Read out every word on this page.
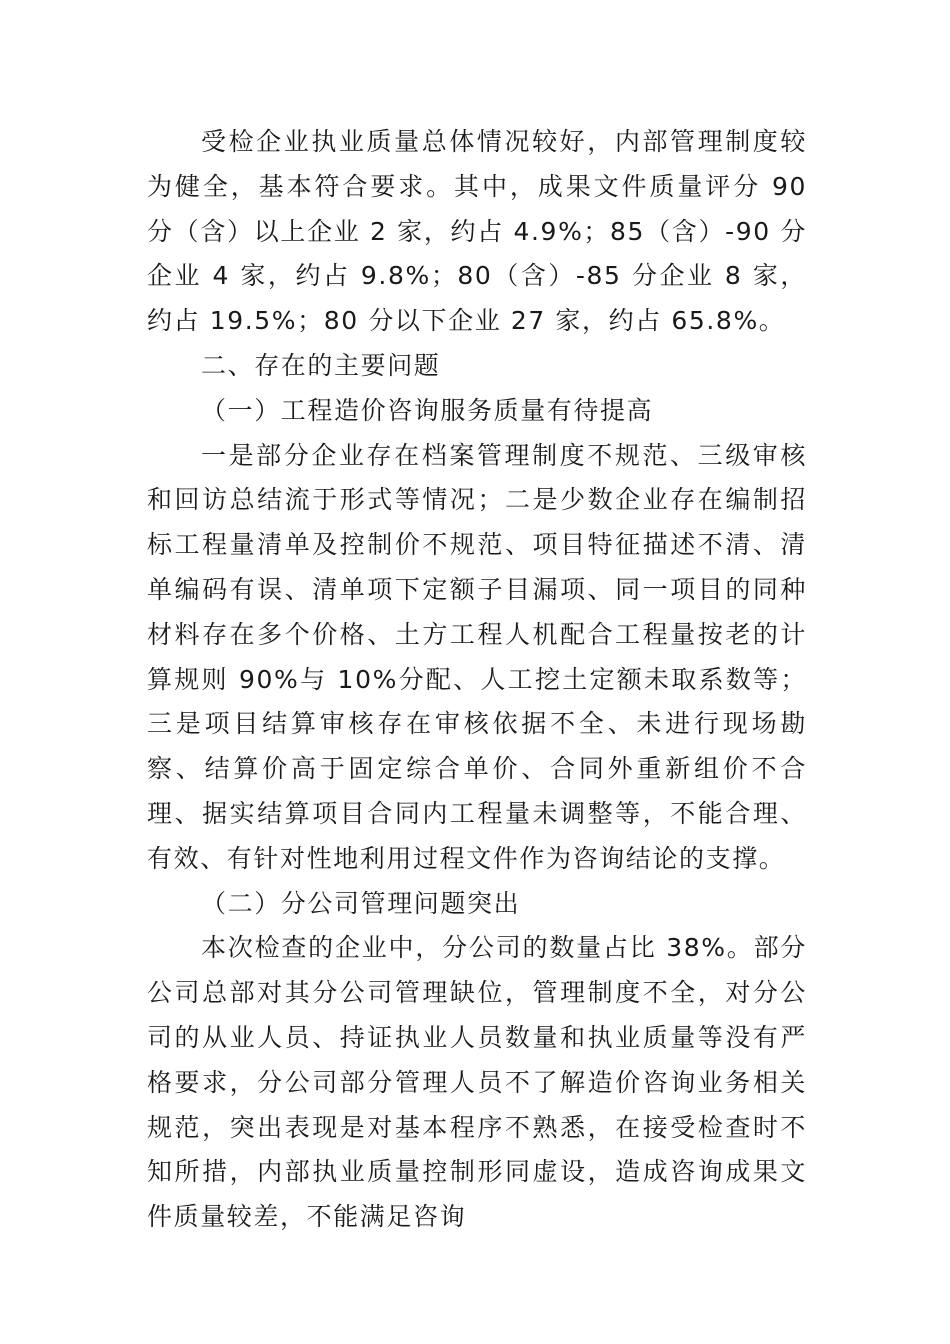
受检企业执业质量总体情况较好，内部管理制度较为健全，基本符合要求。其中，成果文件质量评分 90 分（含）以上企业 2 家，约占 4.9%；85（含）-90 分企业 4 家，约占 9.8%；80（含）-85 分企业 8 家，约占 19.5%；80 分以下企业 27 家，约占 65.8%。

二、存在的主要问题

（一）工程造价咨询服务质量有待提高

一是部分企业存在档案管理制度不规范、三级审核和回访总结流于形式等情况；二是少数企业存在编制招标工程量清单及控制价不规范、项目特征描述不清、清单编码有误、清单项下定额子目漏项、同一项目的同种材料存在多个价格、土方工程人机配合工程量按老的计算规则 90%与 10%分配、人工挖土定额未取系数等；三是项目结算审核存在审核依据不全、未进行现场勘察、结算价高于固定综合单价、合同外重新组价不合理、据实结算项目合同内工程量未调整等，不能合理、有效、有针对性地利用过程文件作为咨询结论的支撑。

（二）分公司管理问题突出

本次检查的企业中，分公司的数量占比 38%。部分公司总部对其分公司管理缺位，管理制度不全，对分公司的从业人员、持证执业人员数量和执业质量等没有严格要求，分公司部分管理人员不了解造价咨询业务相关规范，突出表现是对基本程序不熟悉，在接受检查时不知所措，内部执业质量控制形同虚设，造成咨询成果文件质量较差，不能满足咨询
